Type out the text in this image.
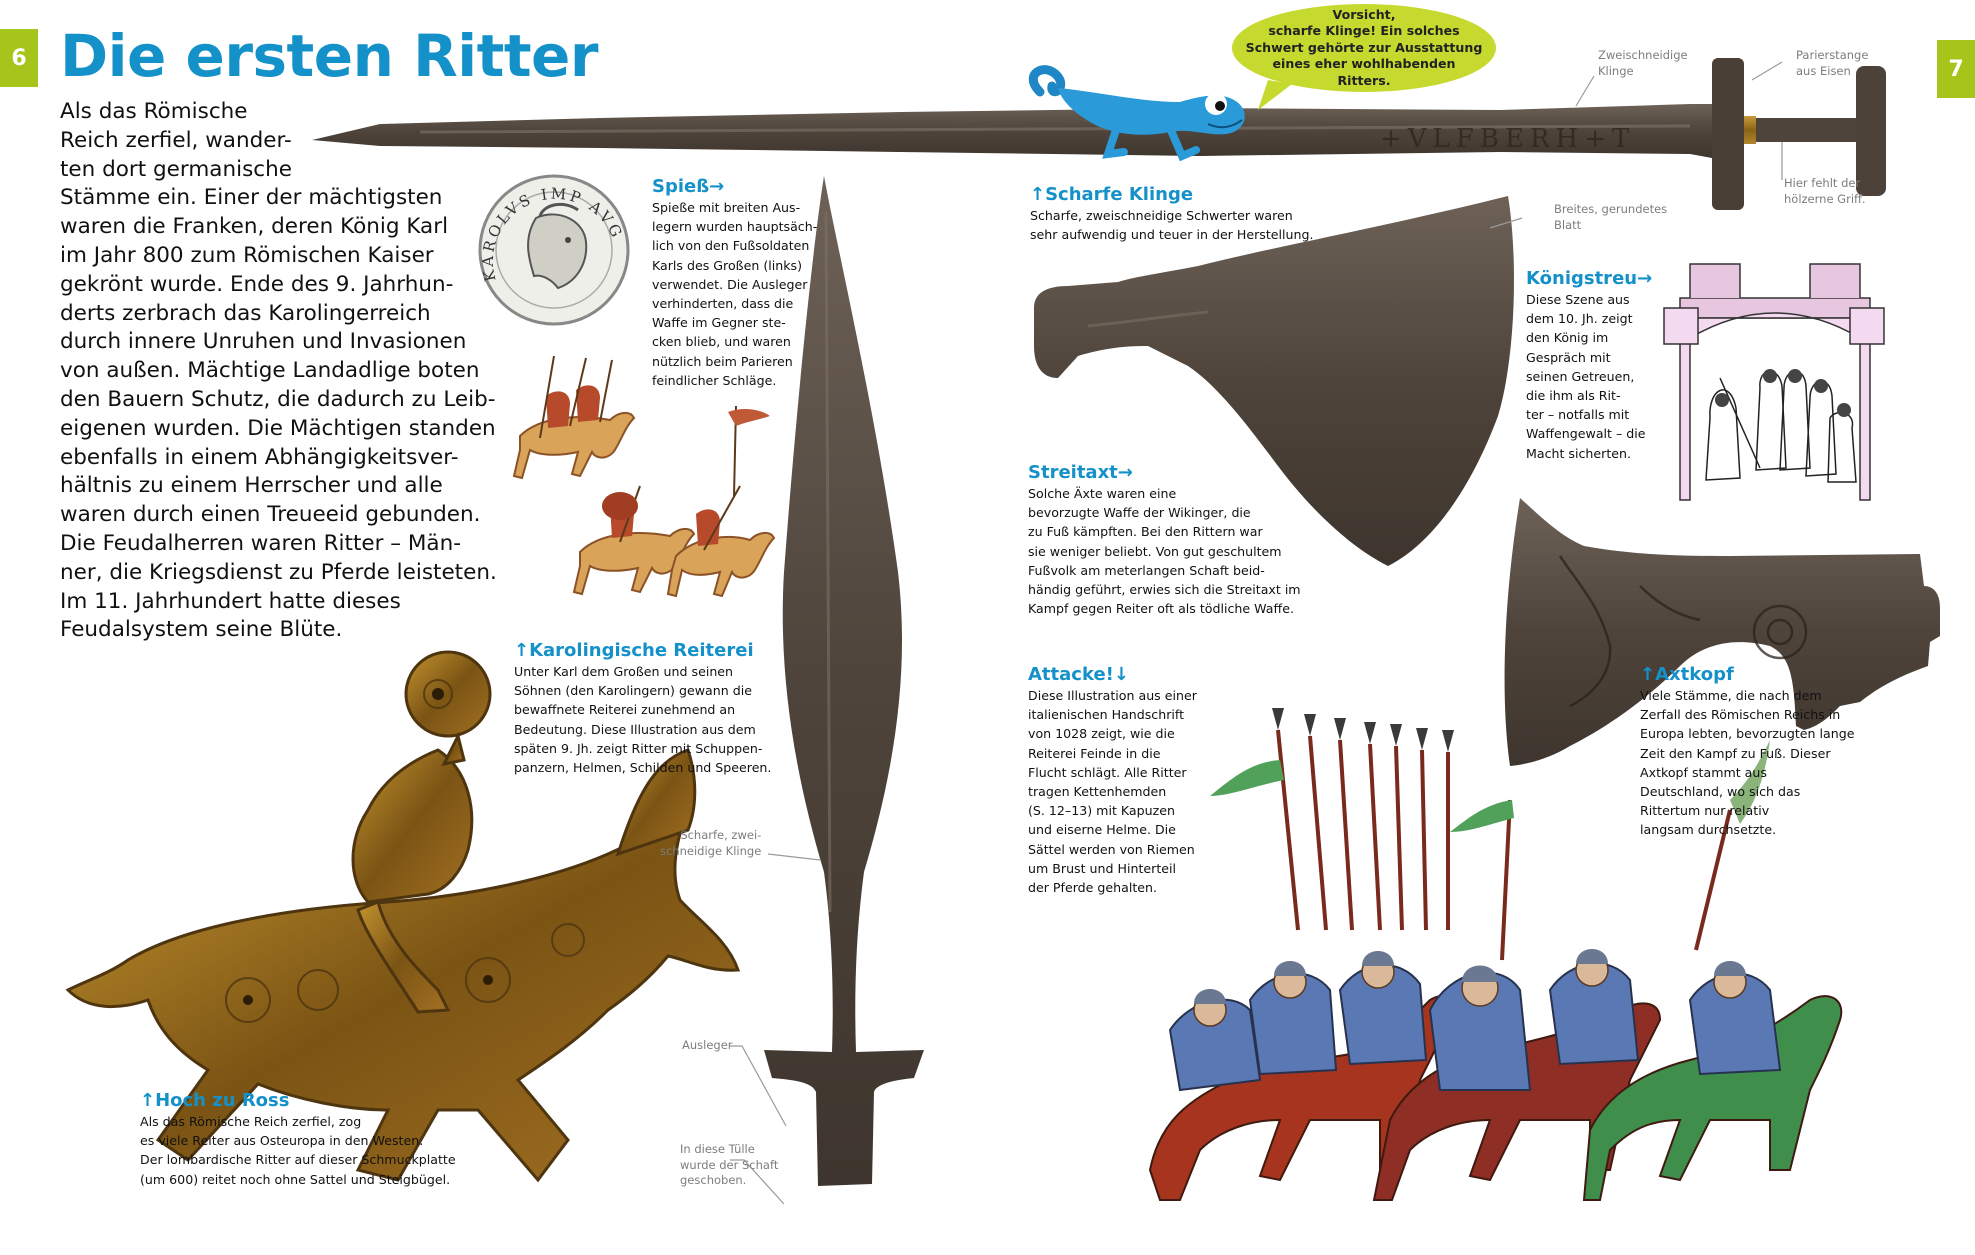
6	7
Die ersten Ritter
Als das Römische
Reich zerfiel, wander-
ten dort germanische
Stämme ein. Einer der mächtigsten
waren die Franken, deren König Karl
im Jahr 800 zum Römischen Kaiser
gekrönt wurde. Ende des 9. Jahrhun-
derts zerbrach das Karolingerreich
durch innere Unruhen und Invasionen
von außen. Mächtige Landadlige boten
den Bauern Schutz, die dadurch zu Leib-
eigenen wurden. Die Mächtigen standen
ebenfalls in einem Abhängigkeitsver-
hältnis zu einem Herrscher und alle
waren durch einen Treueeid gebunden.
Die Feudalherren waren Ritter – Män-
ner, die Kriegsdienst zu Pferde leisteten.
Im 11. Jahrhundert hatte dieses
Feudalsystem seine Blüte.
+VLFBERH+T
Vorsicht,
scharfe Klinge! Ein solches
Schwert gehörte zur Ausstattung
eines eher wohlhabenden
Ritters.
KAROLVS IMP AVG
Spieß→
Spieße mit breiten Aus-
legern wurden hauptsäch-
lich von den Fußsoldaten
Karls des Großen (links)
verwendet. Die Ausleger
verhinderten, dass die
Waffe im Gegner ste-
cken blieb, und waren
nützlich beim Parieren
feindlicher Schläge.
↑Karolingische Reiterei
Unter Karl dem Großen und seinen
Söhnen (den Karolingern) gewann die
bewaffnete Reiterei zunehmend an
Bedeutung. Diese Illustration aus dem
späten 9. Jh. zeigt Ritter mit Schuppen-
panzern, Helmen, Schilden und Speeren.
↑Hoch zu Ross
Als das Römische Reich zerfiel, zog
es viele Reiter aus Osteuropa in den Westen.
Der lombardische Ritter auf dieser Schmuckplatte
(um 600) reitet noch ohne Sattel und Steigbügel.
↑Scharfe Klinge
Scharfe, zweischneidige Schwerter waren
sehr aufwendig und teuer in der Herstellung.
Streitaxt→
Solche Äxte waren eine
bevorzugte Waffe der Wikinger, die
zu Fuß kämpften. Bei den Rittern war
sie weniger beliebt. Von gut geschultem
Fußvolk am meterlangen Schaft beid-
händig geführt, erwies sich die Streitaxt im
Kampf gegen Reiter oft als tödliche Waffe.
Königstreu→
Diese Szene aus
dem 10. Jh. zeigt
den König im
Gespräch mit
seinen Getreuen,
die ihm als Rit-
ter – notfalls mit
Waffengewalt – die
Macht sicherten.
Attacke!↓
Diese Illustration aus einer
italienischen Handschrift
von 1028 zeigt, wie die
Reiterei Feinde in die
Flucht schlägt. Alle Ritter
tragen Kettenhemden
(S. 12–13) mit Kapuzen
und eiserne Helme. Die
Sättel werden von Riemen
um Brust und Hinterteil
der Pferde gehalten.
↑Axtkopf
Viele Stämme, die nach dem
Zerfall des Römischen Reichs in
Europa lebten, bevorzugten lange
Zeit den Kampf zu Fuß. Dieser
Axtkopf stammt aus
Deutschland, wo sich das
Rittertum nur relativ
langsam durchsetzte.
Zweischneidige
Klinge
Parierstange
aus Eisen
Hier fehlt der
hölzerne Griff.
Breites, gerundetes
Blatt
Scharfe, zwei-
schneidige Klinge
Ausleger
In diese Tülle
wurde der Schaft
geschoben.
